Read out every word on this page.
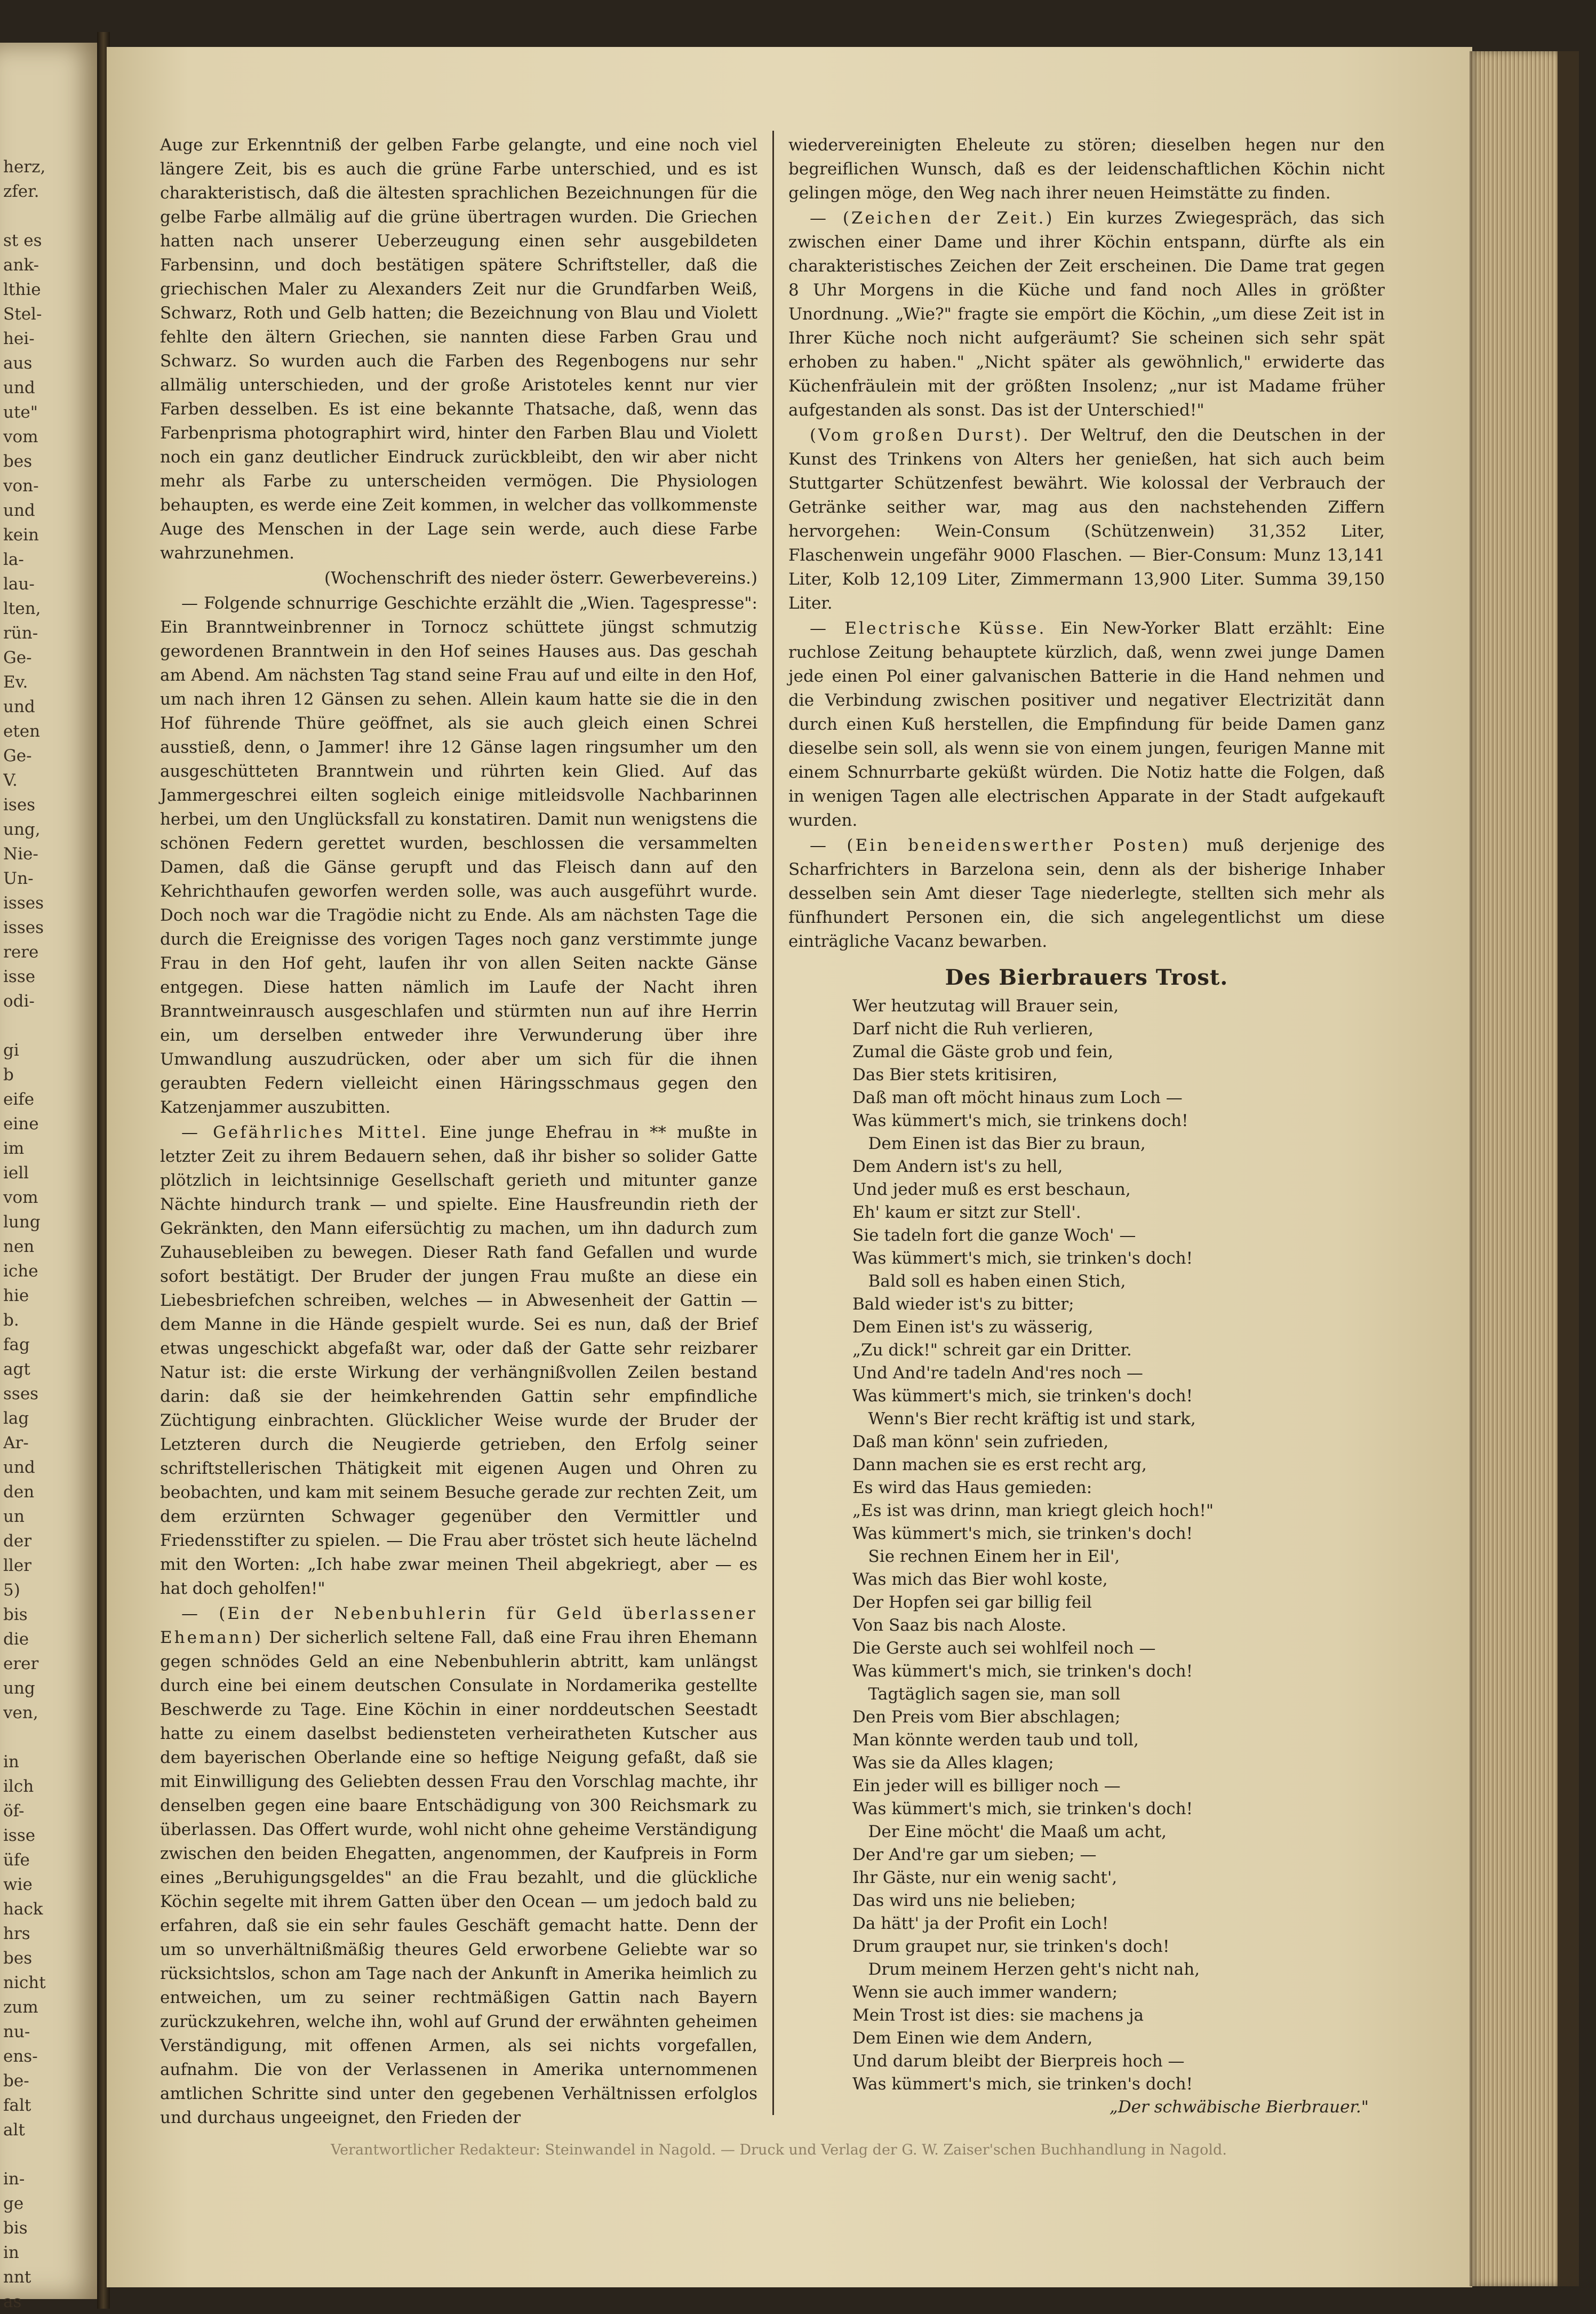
herz,
zfer.

st es
ank-
lthie
Stel-
hei-
aus
und
ute"
vom
bes
von-
und
kein
la-
lau-
lten,
rün-
Ge-
Ev.
und
eten
Ge-
V.
ises
ung,
Nie-
Un-
isses
isses
rere
isse
odi-

gi
b
eife
eine
im
iell
vom
lung
nen
iche
hie
b.
fag
agt
sses
lag
Ar-
und
den
un
der
ller
5)
bis
die
erer
ung
ven,

in
ilch
öf-
isse
üfe
wie
hack
hrs
bes
nicht
zum
nu-
ens-
be-
falt
alt

in-
ge
bis
in
nnt
as

Auge zur Erkenntniß der gelben Farbe gelangte, und eine noch viel längere Zeit, bis es auch die grüne Farbe unterschied, und es ist charakteristisch, daß die ältesten sprachlichen Bezeichnungen für die gelbe Farbe allmälig auf die grüne übertragen wurden. Die Griechen hatten nach unserer Ueberzeugung einen sehr ausgebildeten Farbensinn, und doch bestätigen spätere Schriftsteller, daß die griechischen Maler zu Alexanders Zeit nur die Grundfarben Weiß, Schwarz, Roth und Gelb hatten; die Bezeichnung von Blau und Violett fehlte den ältern Griechen, sie nannten diese Farben Grau und Schwarz. So wurden auch die Farben des Regenbogens nur sehr allmälig unterschieden, und der große Aristoteles kennt nur vier Farben desselben. Es ist eine bekannte Thatsache, daß, wenn das Farbenprisma photographirt wird, hinter den Farben Blau und Violett noch ein ganz deutlicher Eindruck zurückbleibt, den wir aber nicht mehr als Farbe zu unterscheiden vermögen. Die Physiologen behaupten, es werde eine Zeit kommen, in welcher das vollkommenste Auge des Menschen in der Lage sein werde, auch diese Farbe wahrzunehmen.

(Wochenschrift des nieder österr. Gewerbevereins.)

— Folgende schnurrige Geschichte erzählt die „Wien. Tagespresse": Ein Branntweinbrenner in Tornocz schüttete jüngst schmutzig gewordenen Branntwein in den Hof seines Hauses aus. Das geschah am Abend. Am nächsten Tag stand seine Frau auf und eilte in den Hof, um nach ihren 12 Gänsen zu sehen. Allein kaum hatte sie die in den Hof führende Thüre geöffnet, als sie auch gleich einen Schrei ausstieß, denn, o Jammer! ihre 12 Gänse lagen ringsumher um den ausgeschütteten Branntwein und rührten kein Glied. Auf das Jammergeschrei eilten sogleich einige mitleidsvolle Nachbarinnen herbei, um den Unglücksfall zu konstatiren. Damit nun wenigstens die schönen Federn gerettet wurden, beschlossen die versammelten Damen, daß die Gänse gerupft und das Fleisch dann auf den Kehrichthaufen geworfen werden solle, was auch ausgeführt wurde. Doch noch war die Tragödie nicht zu Ende. Als am nächsten Tage die durch die Ereignisse des vorigen Tages noch ganz verstimmte junge Frau in den Hof geht, laufen ihr von allen Seiten nackte Gänse entgegen. Diese hatten nämlich im Laufe der Nacht ihren Branntweinrausch ausgeschlafen und stürmten nun auf ihre Herrin ein, um derselben entweder ihre Verwunderung über ihre Umwandlung auszudrücken, oder aber um sich für die ihnen geraubten Federn vielleicht einen Häringsschmaus gegen den Katzenjammer auszubitten.

— Gefährliches Mittel. Eine junge Ehefrau in ** mußte in letzter Zeit zu ihrem Bedauern sehen, daß ihr bisher so solider Gatte plötzlich in leichtsinnige Gesellschaft gerieth und mitunter ganze Nächte hindurch trank — und spielte. Eine Hausfreundin rieth der Gekränkten, den Mann eifersüchtig zu machen, um ihn dadurch zum Zuhausebleiben zu bewegen. Dieser Rath fand Gefallen und wurde sofort bestätigt. Der Bruder der jungen Frau mußte an diese ein Liebesbriefchen schreiben, welches — in Abwesenheit der Gattin — dem Manne in die Hände gespielt wurde. Sei es nun, daß der Brief etwas ungeschickt abgefaßt war, oder daß der Gatte sehr reizbarer Natur ist: die erste Wirkung der verhängnißvollen Zeilen bestand darin: daß sie der heimkehrenden Gattin sehr empfindliche Züchtigung einbrachten. Glücklicher Weise wurde der Bruder der Letzteren durch die Neugierde getrieben, den Erfolg seiner schriftstellerischen Thätigkeit mit eigenen Augen und Ohren zu beobachten, und kam mit seinem Besuche gerade zur rechten Zeit, um dem erzürnten Schwager gegenüber den Vermittler und Friedensstifter zu spielen. — Die Frau aber tröstet sich heute lächelnd mit den Worten: „Ich habe zwar meinen Theil abgekriegt, aber — es hat doch geholfen!"

— (Ein der Nebenbuhlerin für Geld überlassener Ehemann) Der sicherlich seltene Fall, daß eine Frau ihren Ehemann gegen schnödes Geld an eine Nebenbuhlerin abtritt, kam unlängst durch eine bei einem deutschen Consulate in Nordamerika gestellte Beschwerde zu Tage. Eine Köchin in einer norddeutschen Seestadt hatte zu einem daselbst bediensteten verheiratheten Kutscher aus dem bayerischen Oberlande eine so heftige Neigung gefaßt, daß sie mit Einwilligung des Geliebten dessen Frau den Vorschlag machte, ihr denselben gegen eine baare Entschädigung von 300 Reichsmark zu überlassen. Das Offert wurde, wohl nicht ohne geheime Verständigung zwischen den beiden Ehegatten, angenommen, der Kaufpreis in Form eines „Beruhigungsgeldes" an die Frau bezahlt, und die glückliche Köchin segelte mit ihrem Gatten über den Ocean — um jedoch bald zu erfahren, daß sie ein sehr faules Geschäft gemacht hatte. Denn der um so unverhältnißmäßig theures Geld erworbene Geliebte war so rücksichtslos, schon am Tage nach der Ankunft in Amerika heimlich zu entweichen, um zu seiner rechtmäßigen Gattin nach Bayern zurückzukehren, welche ihn, wohl auf Grund der erwähnten geheimen Verständigung, mit offenen Armen, als sei nichts vorgefallen, aufnahm. Die von der Verlassenen in Amerika unternommenen amtlichen Schritte sind unter den gegebenen Verhältnissen erfolglos und durchaus ungeeignet, den Frieden der

wiedervereinigten Eheleute zu stören; dieselben hegen nur den begreiflichen Wunsch, daß es der leidenschaftlichen Köchin nicht gelingen möge, den Weg nach ihrer neuen Heimstätte zu finden.

— (Zeichen der Zeit.) Ein kurzes Zwiegespräch, das sich zwischen einer Dame und ihrer Köchin entspann, dürfte als ein charakteristisches Zeichen der Zeit erscheinen. Die Dame trat gegen 8 Uhr Morgens in die Küche und fand noch Alles in größter Unordnung. „Wie?" fragte sie empört die Köchin, „um diese Zeit ist in Ihrer Küche noch nicht aufgeräumt? Sie scheinen sich sehr spät erhoben zu haben." „Nicht später als gewöhnlich," erwiderte das Küchenfräulein mit der größten Insolenz; „nur ist Madame früher aufgestanden als sonst. Das ist der Unterschied!"

(Vom großen Durst). Der Weltruf, den die Deutschen in der Kunst des Trinkens von Alters her genießen, hat sich auch beim Stuttgarter Schützenfest bewährt. Wie kolossal der Verbrauch der Getränke seither war, mag aus den nachstehenden Ziffern hervorgehen: Wein-Consum (Schützenwein) 31,352 Liter, Flaschenwein ungefähr 9000 Flaschen. — Bier-Consum: Munz 13,141 Liter, Kolb 12,109 Liter, Zimmermann 13,900 Liter. Summa 39,150 Liter.

— Electrische Küsse. Ein New-Yorker Blatt erzählt: Eine ruchlose Zeitung behauptete kürzlich, daß, wenn zwei junge Damen jede einen Pol einer galvanischen Batterie in die Hand nehmen und die Verbindung zwischen positiver und negativer Electrizität dann durch einen Kuß herstellen, die Empfindung für beide Damen ganz dieselbe sein soll, als wenn sie von einem jungen, feurigen Manne mit einem Schnurrbarte geküßt würden. Die Notiz hatte die Folgen, daß in wenigen Tagen alle electrischen Apparate in der Stadt aufgekauft wurden.

— (Ein beneidenswerther Posten) muß derjenige des Scharfrichters in Barzelona sein, denn als der bisherige Inhaber desselben sein Amt dieser Tage niederlegte, stellten sich mehr als fünfhundert Personen ein, die sich angelegentlichst um diese einträgliche Vacanz bewarben.

Des Bierbrauers Trost.
Wer heutzutag will Brauer sein,
Darf nicht die Ruh verlieren,
Zumal die Gäste grob und fein,
Das Bier stets kritisiren,
Daß man oft möcht hinaus zum Loch —
Was kümmert's mich, sie trinkens doch!
Dem Einen ist das Bier zu braun,
Dem Andern ist's zu hell,
Und jeder muß es erst beschaun,
Eh' kaum er sitzt zur Stell'.
Sie tadeln fort die ganze Woch' —
Was kümmert's mich, sie trinken's doch!
Bald soll es haben einen Stich,
Bald wieder ist's zu bitter;
Dem Einen ist's zu wässerig,
„Zu dick!" schreit gar ein Dritter.
Und And're tadeln And'res noch —
Was kümmert's mich, sie trinken's doch!
Wenn's Bier recht kräftig ist und stark,
Daß man könn' sein zufrieden,
Dann machen sie es erst recht arg,
Es wird das Haus gemieden:
„Es ist was drinn, man kriegt gleich hoch!"
Was kümmert's mich, sie trinken's doch!
Sie rechnen Einem her in Eil',
Was mich das Bier wohl koste,
Der Hopfen sei gar billig feil
Von Saaz bis nach Aloste.
Die Gerste auch sei wohlfeil noch —
Was kümmert's mich, sie trinken's doch!
Tagtäglich sagen sie, man soll
Den Preis vom Bier abschlagen;
Man könnte werden taub und toll,
Was sie da Alles klagen;
Ein jeder will es billiger noch —
Was kümmert's mich, sie trinken's doch!
Der Eine möcht' die Maaß um acht,
Der And're gar um sieben; —
Ihr Gäste, nur ein wenig sacht',
Das wird uns nie belieben;
Da hätt' ja der Profit ein Loch!
Drum graupet nur, sie trinken's doch!
Drum meinem Herzen geht's nicht nah,
Wenn sie auch immer wandern;
Mein Trost ist dies: sie machens ja
Dem Einen wie dem Andern,
Und darum bleibt der Bierpreis hoch —
Was kümmert's mich, sie trinken's doch!
„Der schwäbische Bierbrauer."
Verantwortlicher Redakteur: Steinwandel in Nagold. — Druck und Verlag der G. W. Zaiser'schen Buchhandlung in Nagold.
